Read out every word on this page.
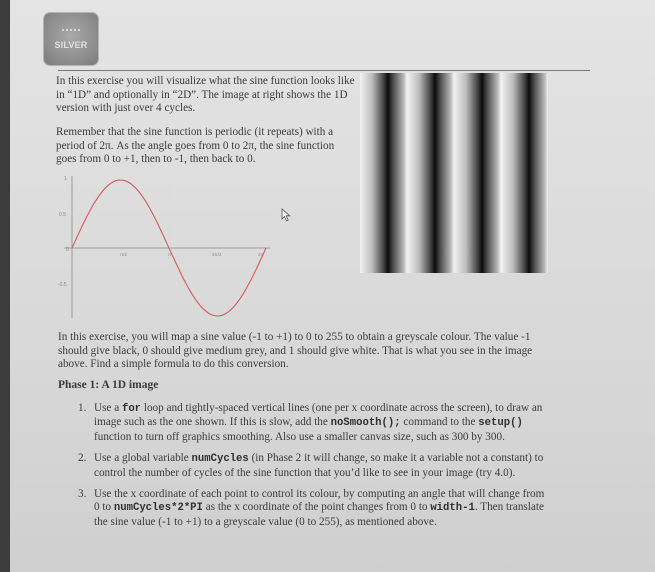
SILVER

In this exercise you will visualize what the sine function looks like in “1D” and optionally in “2D”. The image at right shows the 1D version with just over 4 cycles.

Remember that the sine function is periodic (it repeats) with a period of 2π. As the angle goes from 0 to 2π, the sine function goes from 0 to +1, then to -1, then back to 0.

1
0.5
0
-0.5
π/2	π	3π/2	2π

In this exercise, you will map a sine value (-1 to +1) to 0 to 255 to obtain a greyscale colour. The value -1 should give black, 0 should give medium grey, and 1 should give white. That is what you see in the image above. Find a simple formula to do this conversion.

Phase 1: A 1D image
1. Use a for loop and tightly-spaced vertical lines (one per x coordinate across the screen), to draw an image such as the one shown. If this is slow, add the noSmooth(); command to the setup() function to turn off graphics smoothing. Also use a smaller canvas size, such as 300 by 300.
2. Use a global variable numCycles (in Phase 2 it will change, so make it a variable not a constant) to control the number of cycles of the sine function that you’d like to see in your image (try 4.0).
3. Use the x coordinate of each point to control its colour, by computing an angle that will change from 0 to numCycles*2*PI as the x coordinate of the point changes from 0 to width-1. Then translate the sine value (-1 to +1) to a greyscale value (0 to 255), as mentioned above.
